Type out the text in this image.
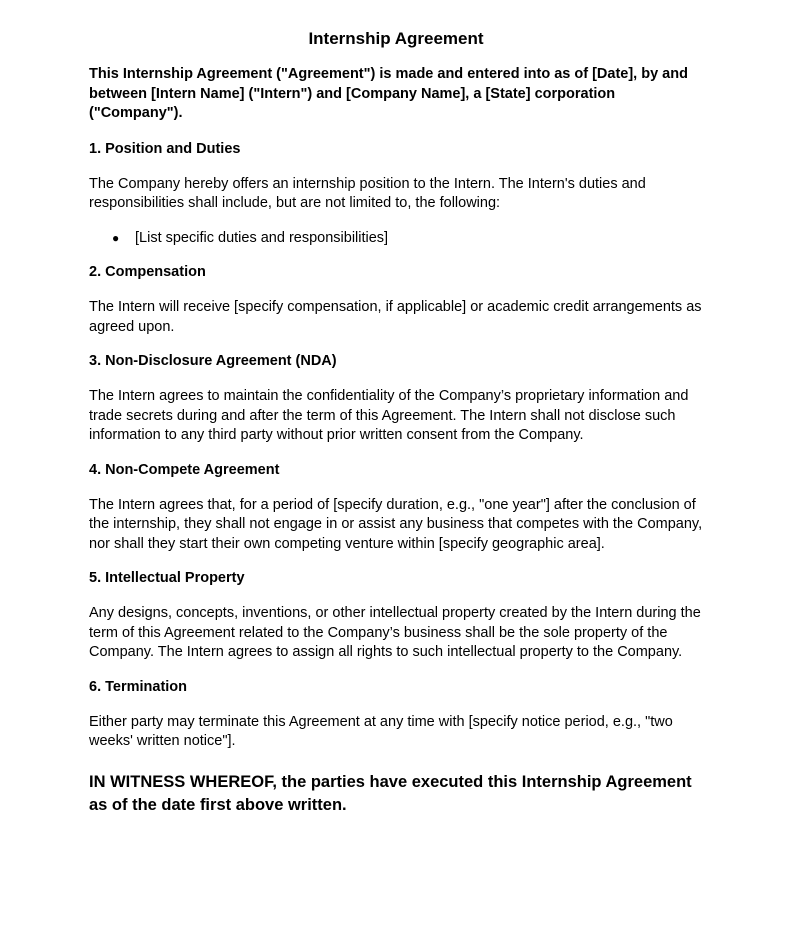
Internship Agreement
This Internship Agreement ("Agreement") is made and entered into as of [Date], by and between [Intern Name] ("Intern") and [Company Name], a [State] corporation ("Company").
1. Position and Duties
The Company hereby offers an internship position to the Intern. The Intern's duties and responsibilities shall include, but are not limited to, the following:
● [List specific duties and responsibilities]
2. Compensation
The Intern will receive [specify compensation, if applicable] or academic credit arrangements as agreed upon.
3. Non-Disclosure Agreement (NDA)
The Intern agrees to maintain the confidentiality of the Company’s proprietary information and trade secrets during and after the term of this Agreement. The Intern shall not disclose such information to any third party without prior written consent from the Company.
4. Non-Compete Agreement
The Intern agrees that, for a period of [specify duration, e.g., "one year"] after the conclusion of the internship, they shall not engage in or assist any business that competes with the Company, nor shall they start their own competing venture within [specify geographic area].
5. Intellectual Property
Any designs, concepts, inventions, or other intellectual property created by the Intern during the term of this Agreement related to the Company’s business shall be the sole property of the Company. The Intern agrees to assign all rights to such intellectual property to the Company.
6. Termination
Either party may terminate this Agreement at any time with [specify notice period, e.g., "two weeks' written notice"].
IN WITNESS WHEREOF, the parties have executed this Internship Agreement as of the date first above written.
